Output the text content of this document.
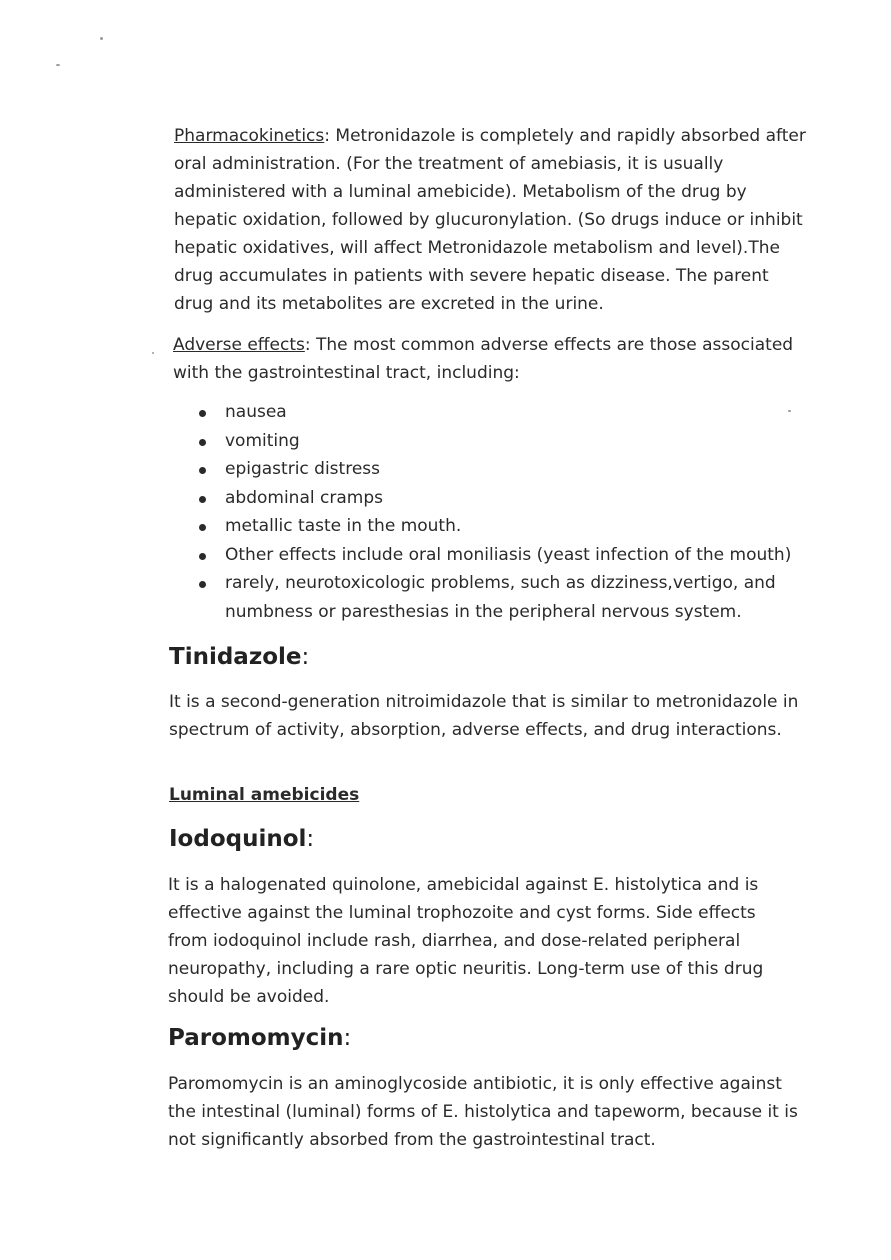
Pharmacokinetics: Metronidazole is completely and rapidly absorbed after oral administration. (For the treatment of amebiasis, it is usually administered with a luminal amebicide). Metabolism of the drug by hepatic oxidation, followed by glucuronylation. (So drugs induce or inhibit hepatic oxidatives, will affect Metronidazole metabolism and level).The drug accumulates in patients with severe hepatic disease. The parent drug and its metabolites are excreted in the urine.

Adverse effects: The most common adverse effects are those associated with the gastrointestinal tract, including:

nausea
vomiting
epigastric distress
abdominal cramps
metallic taste in the mouth.
Other effects include oral moniliasis (yeast infection of the mouth)
rarely, neurotoxicologic problems, such as dizziness,vertigo, and numbness or paresthesias in the peripheral nervous system.
Tinidazole:

It is a second-generation nitroimidazole that is similar to metronidazole in spectrum of activity, absorption, adverse effects, and drug interactions.

Luminal amebicides

Iodoquinol:

It is a halogenated quinolone, amebicidal against E. histolytica and is effective against the luminal trophozoite and cyst forms. Side effects from iodoquinol include rash, diarrhea, and dose-related peripheral neuropathy, including a rare optic neuritis. Long-term use of this drug should be avoided.

Paromomycin:

Paromomycin is an aminoglycoside antibiotic, it is only effective against the intestinal (luminal) forms of E. histolytica and tapeworm, because it is not significantly absorbed from the gastrointestinal tract.
